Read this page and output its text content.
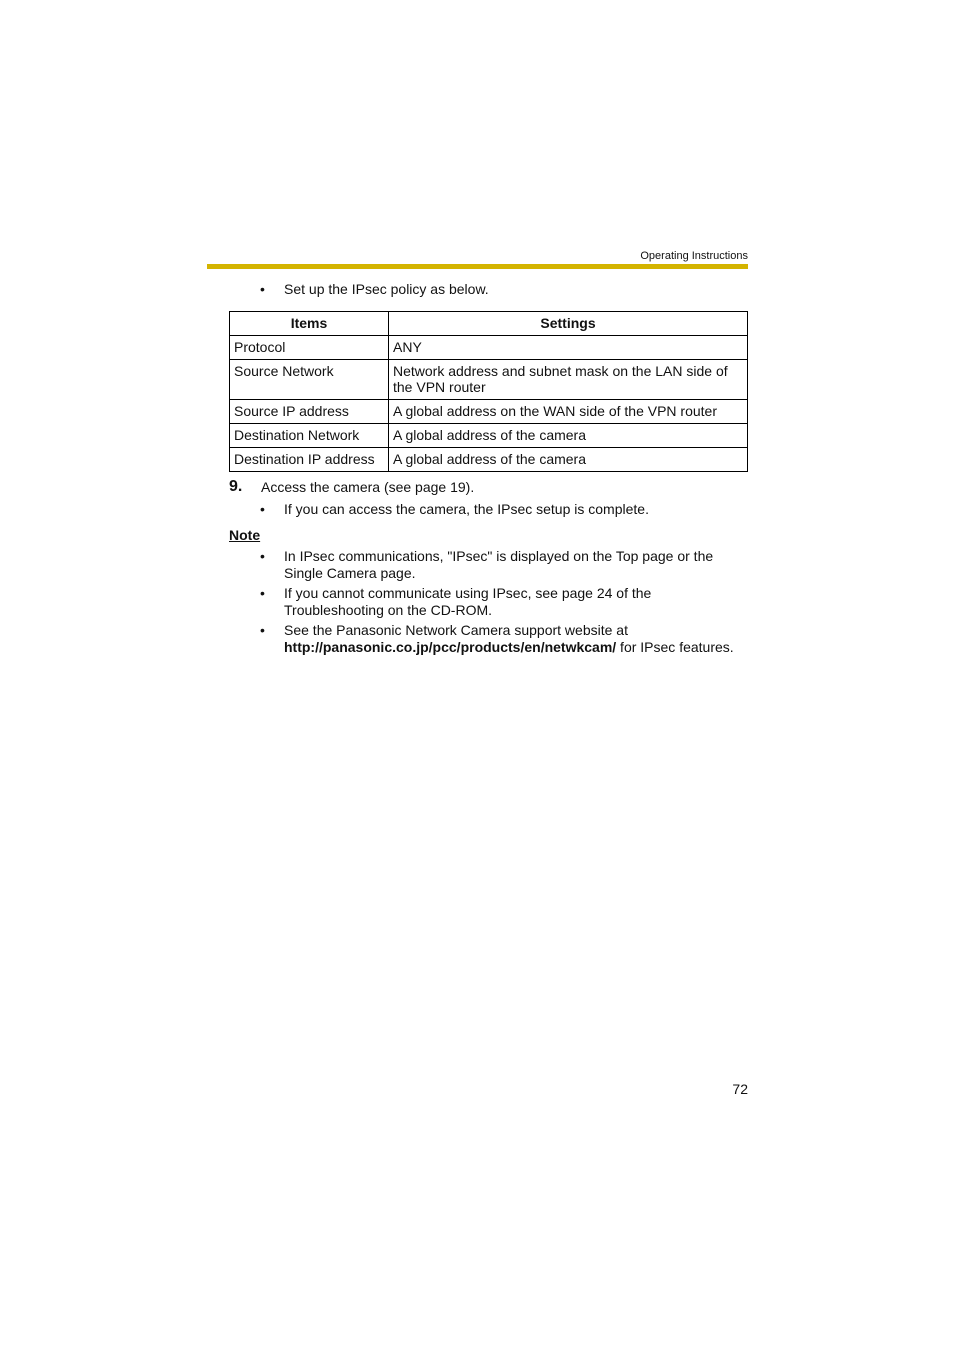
Operating Instructions
• Set up the IPsec policy as below.
Items	Settings
Protocol	ANY
Source Network	Network address and subnet mask on the LAN side of the VPN router
Source IP address	A global address on the WAN side of the VPN router
Destination Network	A global address of the camera
Destination IP address	A global address of the camera
9. Access the camera (see page 19).
• If you can access the camera, the IPsec setup is complete.
Note
• In IPsec communications, "IPsec" is displayed on the Top page or the Single Camera page.
• If you cannot communicate using IPsec, see page 24 of the Troubleshooting on the CD-ROM.
• See the Panasonic Network Camera support website at
http://panasonic.co.jp/pcc/products/en/netwkcam/ for IPsec features.
72
